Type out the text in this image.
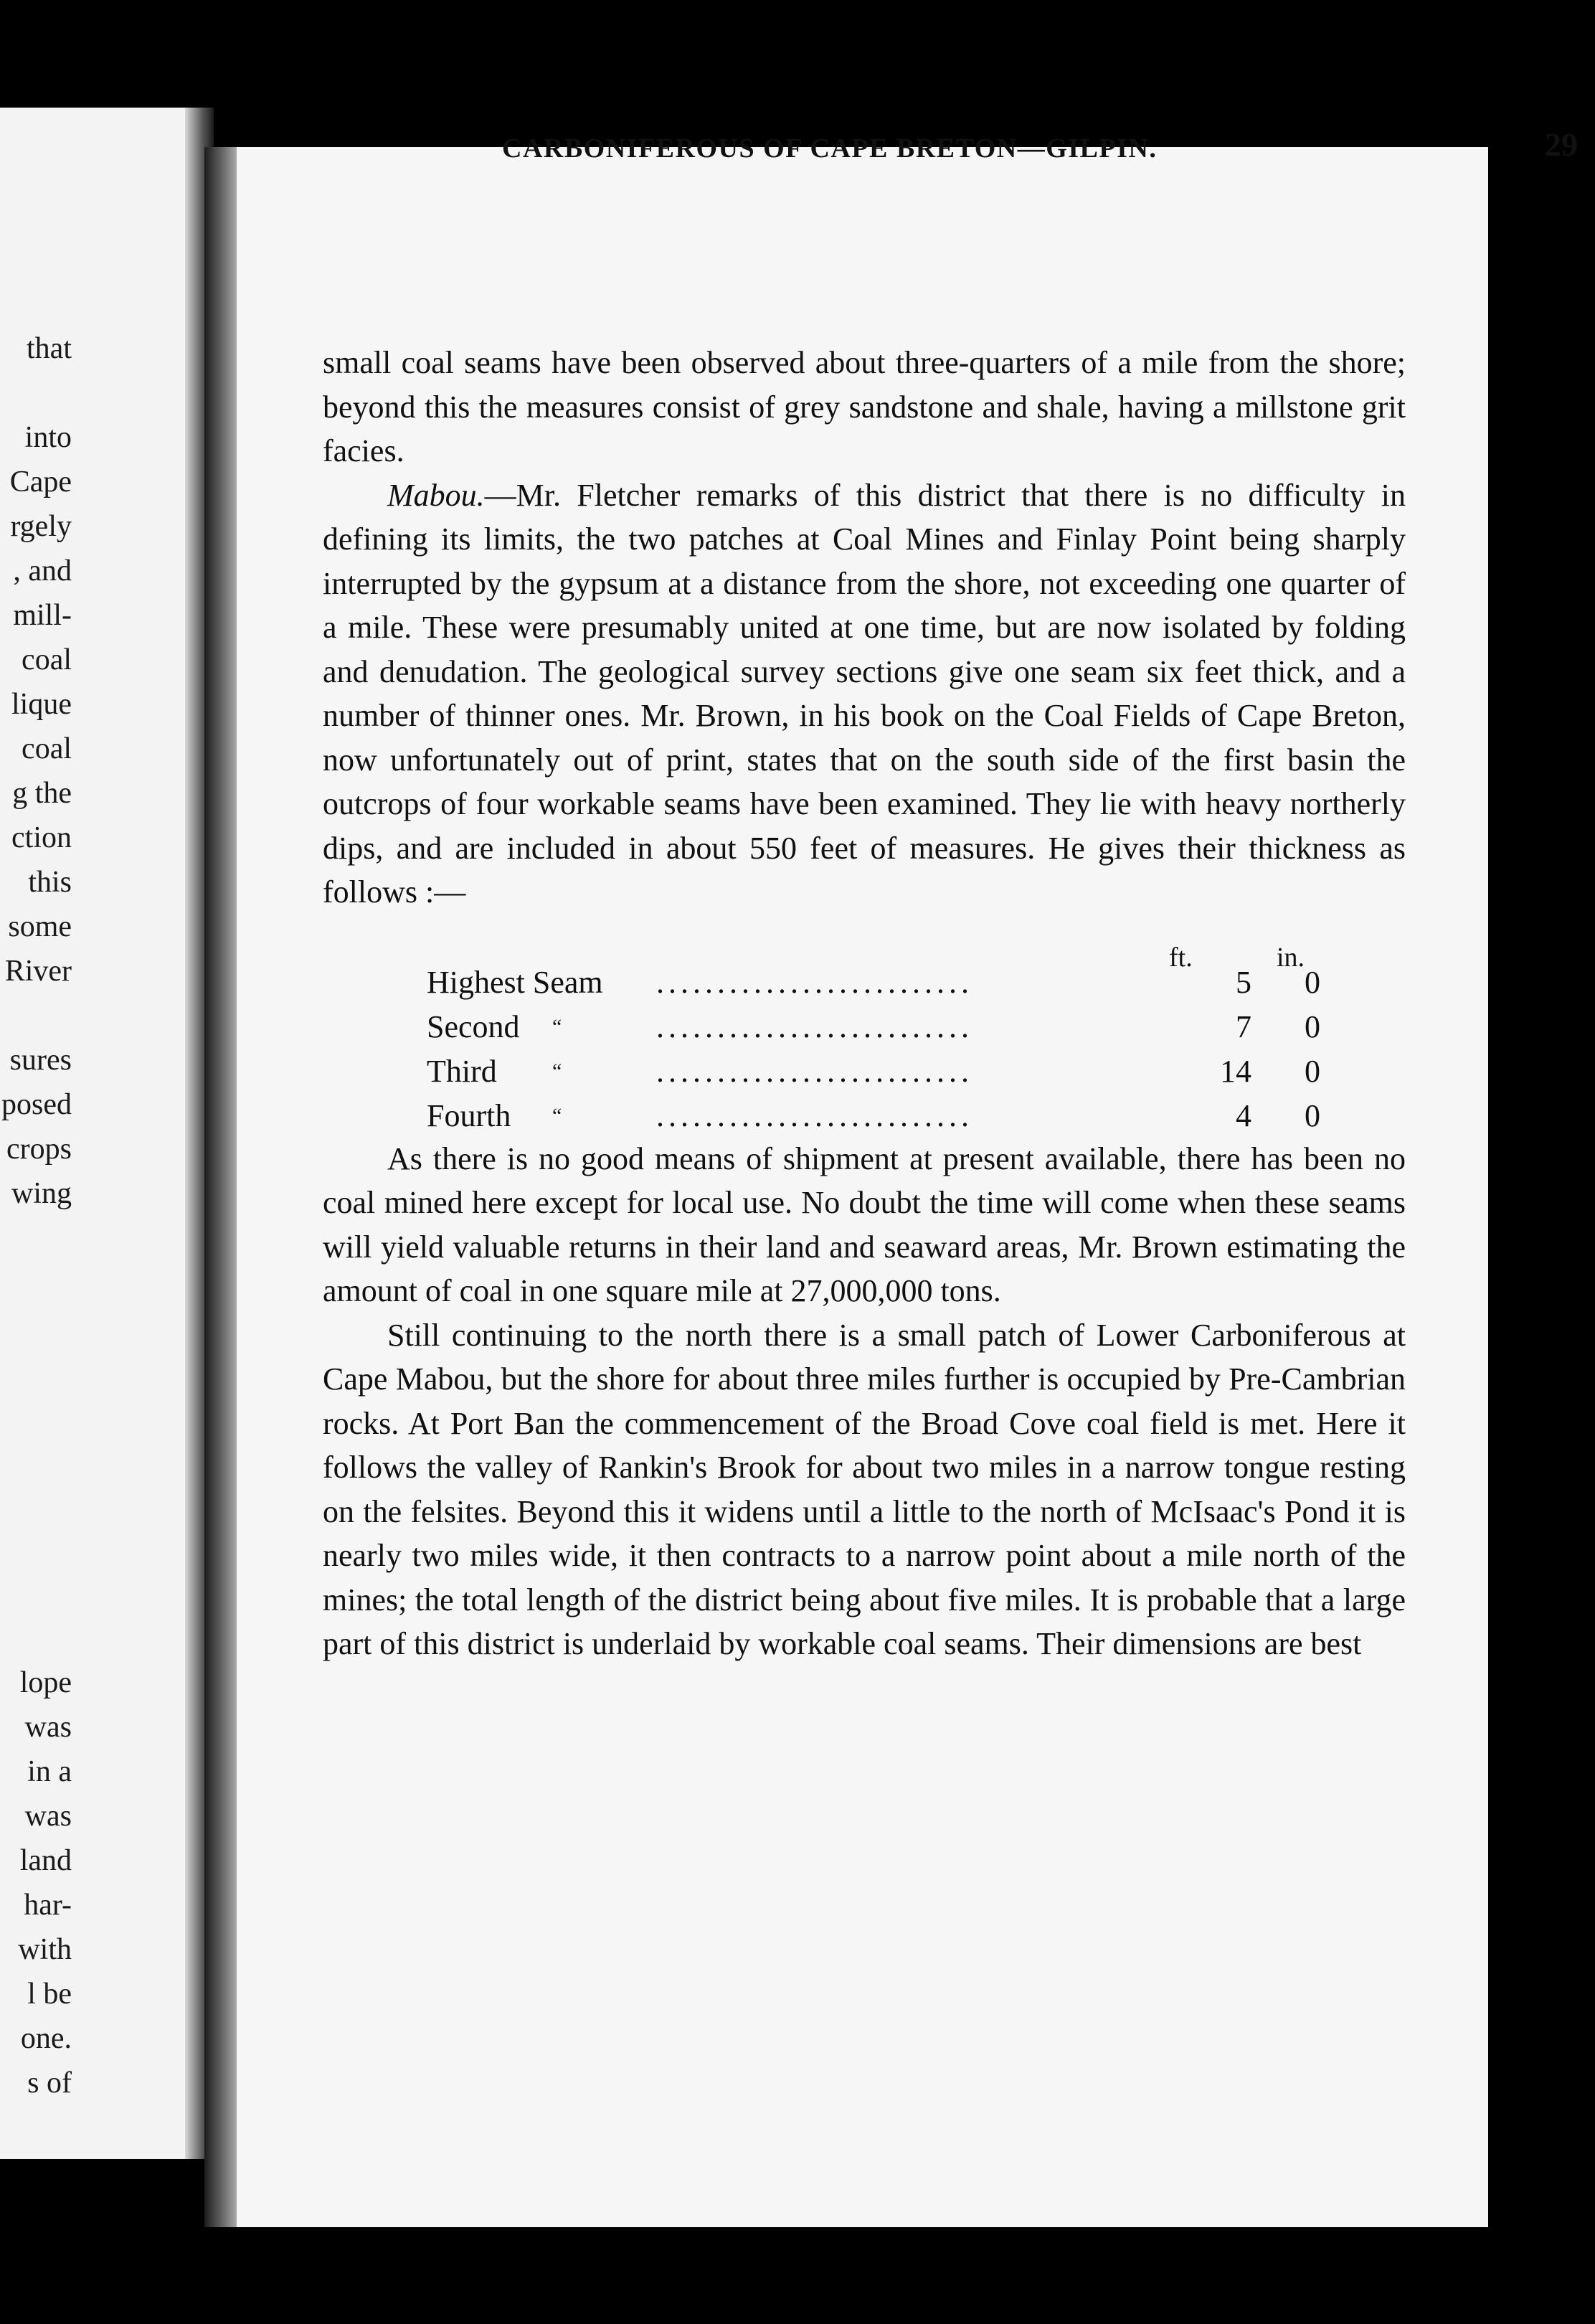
that
into
Cape
rgely
, and
mill-
coal
lique
coal
g the
ction
this
some
River
sures
posed
crops
wing
lope
was
in a
was
land
har-
with
l be
one.
s of
CARBONIFEROUS OF CAPE BRETON—GILPIN.	29

small coal seams have been observed about three-quarters of a mile from the shore; beyond this the measures consist of grey sandstone and shale, having a millstone grit facies.

Mabou.—Mr. Fletcher remarks of this district that there is no difficulty in defining its limits, the two patches at Coal Mines and Finlay Point being sharply interrupted by the gypsum at a distance from the shore, not exceeding one quarter of a mile. These were presumably united at one time, but are now isolated by folding and denudation. The geological survey sections give one seam six feet thick, and a number of thinner ones. Mr. Brown, in his book on the Coal Fields of Cape Breton, now unfortunately out of print, states that on the south side of the first basin the outcrops of four workable seams have been examined. They lie with heavy northerly dips, and are included in about 550 feet of measures. He gives their thickness as follows :—

ft.	in.
Highest Seam ..........................	5 0
Second “	..........................	7 0
Third	“	..........................	14 0
Fourth “	..........................	4 0

As there is no good means of shipment at present available, there has been no coal mined here except for local use. No doubt the time will come when these seams will yield valuable returns in their land and seaward areas, Mr. Brown estimating the amount of coal in one square mile at 27,000,000 tons.

Still continuing to the north there is a small patch of Lower Carboniferous at Cape Mabou, but the shore for about three miles further is occupied by Pre-Cambrian rocks. At Port Ban the commencement of the Broad Cove coal field is met. Here it follows the valley of Rankin's Brook for about two miles in a narrow tongue resting on the felsites. Beyond this it widens until a little to the north of McIsaac's Pond it is nearly two miles wide, it then contracts to a narrow point about a mile north of the mines; the total length of the district being about five miles. It is probable that a large part of this district is underlaid by workable coal seams. Their dimensions are best
